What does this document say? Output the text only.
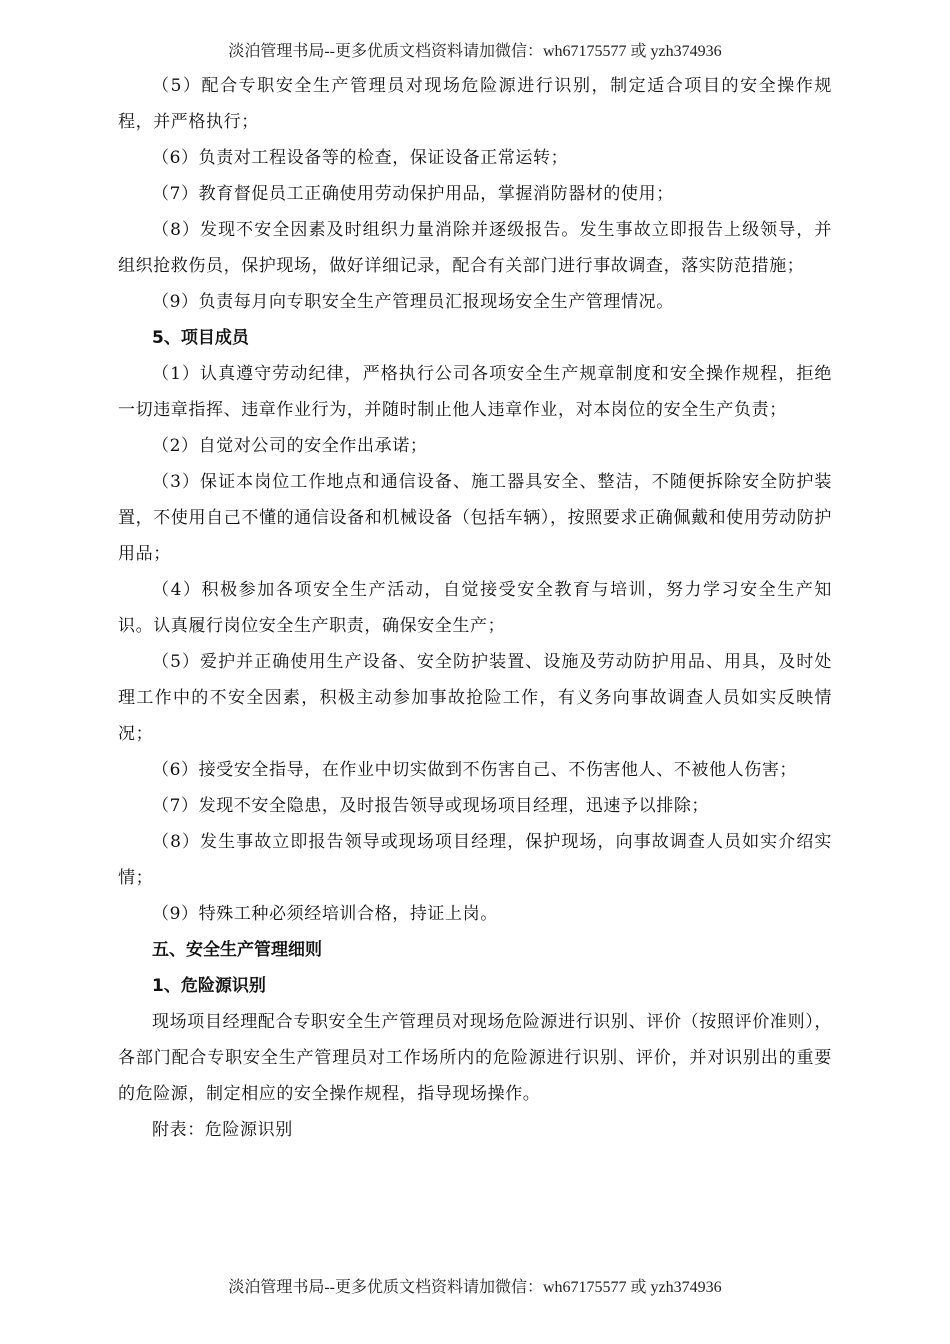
淡泊管理书局--更多优质文档资料请加微信：wh67175577 或 yzh374936

（5）配合专职安全生产管理员对现场危险源进行识别，制定适合项目的安全操作规程，并严格执行；

（6）负责对工程设备等的检查，保证设备正常运转；

（7）教育督促员工正确使用劳动保护用品，掌握消防器材的使用；

（8）发现不安全因素及时组织力量消除并逐级报告。发生事故立即报告上级领导，并组织抢救伤员，保护现场，做好详细记录，配合有关部门进行事故调查，落实防范措施；

（9）负责每月向专职安全生产管理员汇报现场安全生产管理情况。

5、项目成员

（1）认真遵守劳动纪律，严格执行公司各项安全生产规章制度和安全操作规程，拒绝一切违章指挥、违章作业行为，并随时制止他人违章作业，对本岗位的安全生产负责；

（2）自觉对公司的安全作出承诺；

（3）保证本岗位工作地点和通信设备、施工器具安全、整洁，不随便拆除安全防护装置，不使用自己不懂的通信设备和机械设备（包括车辆），按照要求正确佩戴和使用劳动防护用品；

（4）积极参加各项安全生产活动，自觉接受安全教育与培训，努力学习安全生产知识。认真履行岗位安全生产职责，确保安全生产；

（5）爱护并正确使用生产设备、安全防护装置、设施及劳动防护用品、用具，及时处理工作中的不安全因素，积极主动参加事故抢险工作，有义务向事故调查人员如实反映情况；

（6）接受安全指导，在作业中切实做到不伤害自己、不伤害他人、不被他人伤害；

（7）发现不安全隐患，及时报告领导或现场项目经理，迅速予以排除；

（8）发生事故立即报告领导或现场项目经理，保护现场，向事故调查人员如实介绍实情；

（9）特殊工种必须经培训合格，持证上岗。

五、安全生产管理细则

1、危险源识别

现场项目经理配合专职安全生产管理员对现场危险源进行识别、评价（按照评价准则），各部门配合专职安全生产管理员对工作场所内的危险源进行识别、评价，并对识别出的重要的危险源，制定相应的安全操作规程，指导现场操作。

附表：危险源识别

淡泊管理书局--更多优质文档资料请加微信：wh67175577 或 yzh374936
